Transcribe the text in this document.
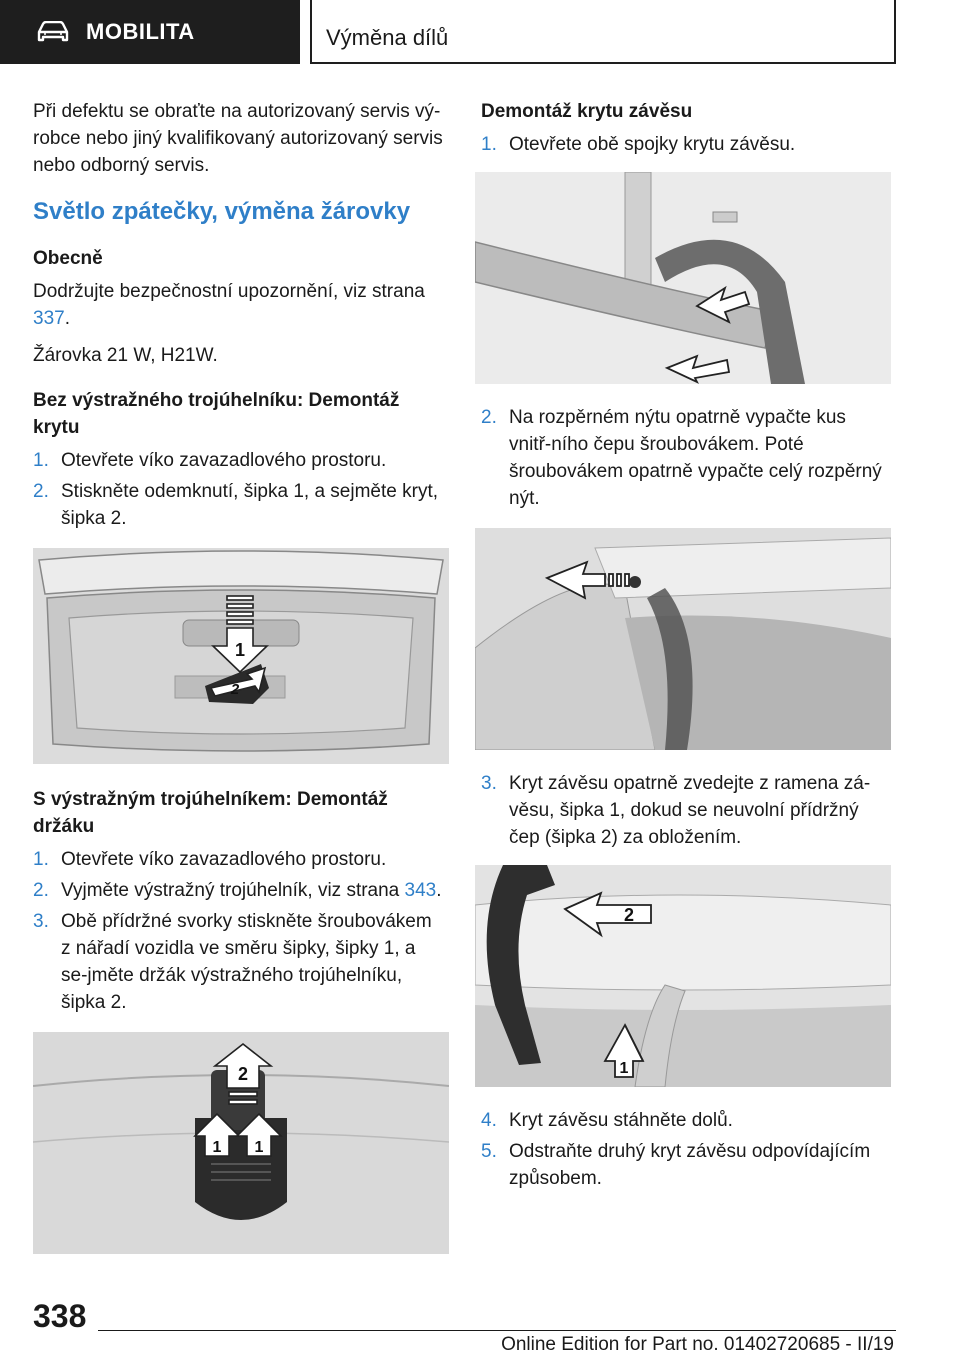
MOBILITA	Výměna dílů

Při defektu se obraťte na autorizovaný servis vý-robce nebo jiný kvalifikovaný autorizovaný servis nebo odborný servis.

Světlo zpátečky, výměna žárovky
Obecně

Dodržujte bezpečnostní upozornění, viz strana 337.

Žárovka 21 W, H21W.

Bez výstražného trojúhelníku: Demontáž krytu
1. Otevřete víko zavazadlového prostoru.
2. Stiskněte odemknutí, šipka 1, a sejměte kryt, šipka 2.
1
2
S výstražným trojúhelníkem: Demontáž držáku
1. Otevřete víko zavazadlového prostoru.
2. Vyjměte výstražný trojúhelník, viz strana 343.
3. Obě přídržné svorky stiskněte šroubovákem z nářadí vozidla ve směru šipky, šipky 1, a se-jměte držák výstražného trojúhelníku, šipka 2.
2
1 1
Demontáž krytu závěsu
1. Otevřete obě spojky krytu závěsu.
2. Na rozpěrném nýtu opatrně vypačte kus vnitř-ního čepu šroubovákem. Poté šroubovákem opatrně vypačte celý rozpěrný nýt.
3. Kryt závěsu opatrně zvedejte z ramena zá-věsu, šipka 1, dokud se neuvolní přídržný čep (šipka 2) za obložením.
2
1
4. Kryt závěsu stáhněte dolů.
5. Odstraňte druhý kryt závěsu odpovídajícím způsobem.
338
Online Edition for Part no. 01402720685 - II/19
